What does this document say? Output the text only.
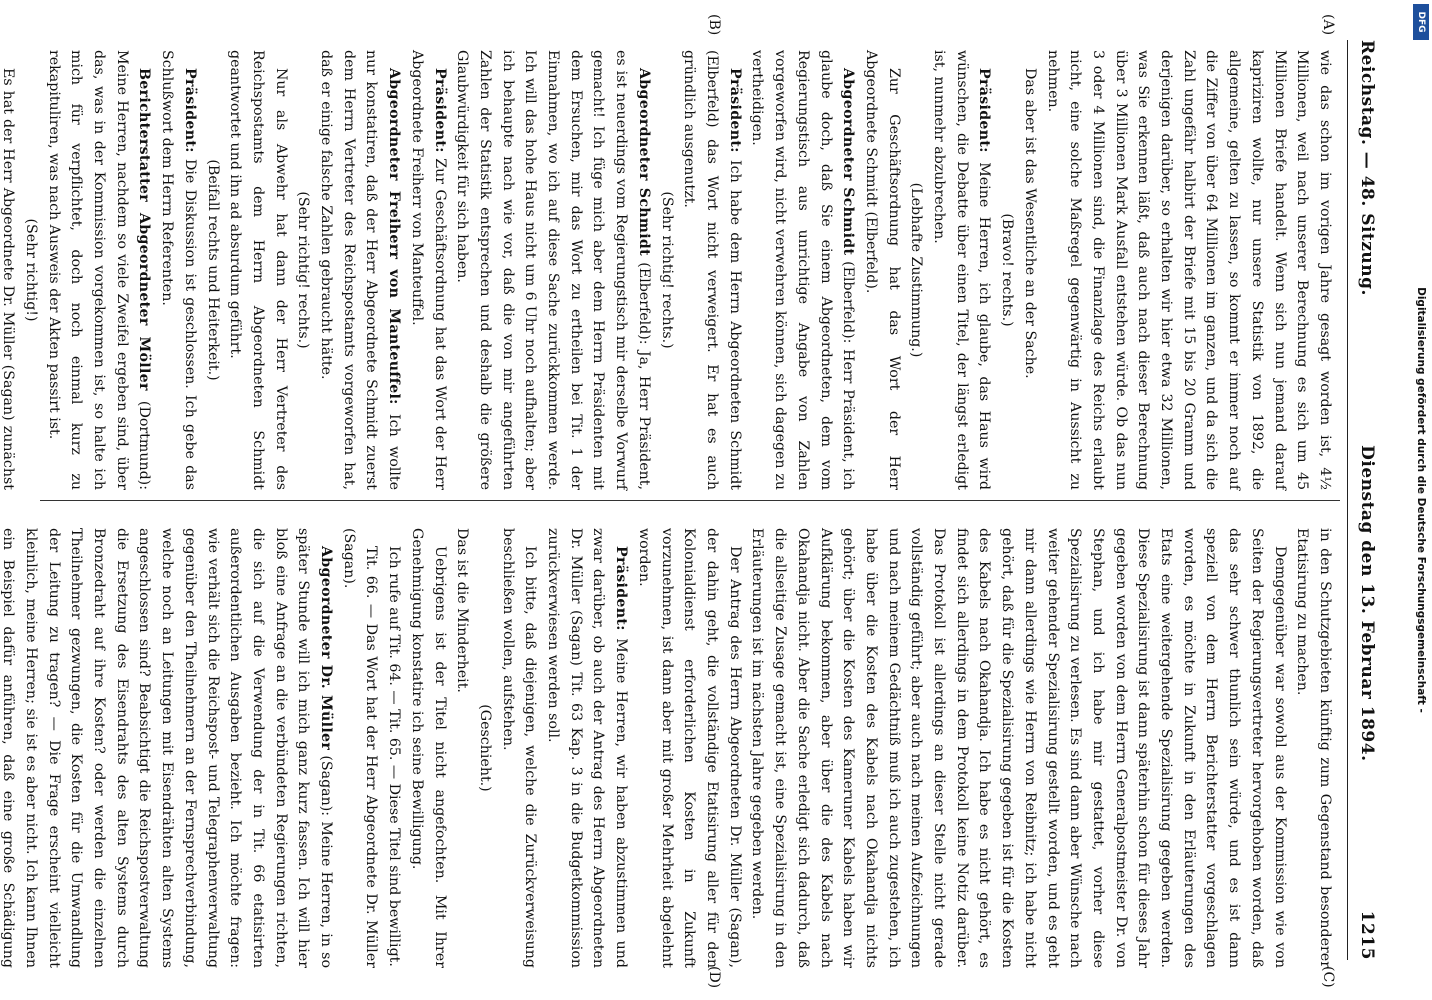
Reichstag. — 48. Sitzung.
Dienstag den 13. Februar 1894.
1215
(A)
(B)
(C)
(D)

wie das schon im vorigen Jahre gesagt worden ist, 4½ Millionen, weil nach unserer Berechnung es sich um 45 Millionen Briefe handelt. Wenn sich nun jemand darauf kapriziren wollte, nur unsere Statistik von 1892, die allgemeine, gelten zu lassen, so kommt er immer noch auf die Ziffer von über 64 Millionen im ganzen, und da sich die Zahl ungefähr halbirt der Briefe mit 15 bis 20 Gramm und derjenigen darüber, so erhalten wir hier etwa 32 Millionen, was Sie erkennen läßt, daß auch nach dieser Berechnung über 3 Millionen Mark Ausfall entstehen würde. Ob das nun 3 oder 4 Millionen sind, die Finanzlage des Reichs erlaubt nicht, eine solche Maßregel gegenwärtig in Aussicht zu nehmen.

Das aber ist das Wesentliche an der Sache.

(Bravo! rechts.)

Präsident: Meine Herren, ich glaube, das Haus wird wünschen, die Debatte über einen Titel, der längst erledigt ist, nunmehr abzubrechen.

(Lebhafte Zustimmung.)

Zur Geschäftsordnung hat das Wort der Herr Abgeordnete Schmidt (Elberfeld).

Abgeordneter Schmidt (Elberfeld): Herr Präsident, ich glaube doch, daß Sie einem Abgeordneten, dem vom Regierungstisch aus unrichtige Angabe von Zahlen vorgeworfen wird, nicht verwehren können, sich dagegen zu vertheidigen.

Präsident: Ich habe dem Herrn Abgeordneten Schmidt (Elberfeld) das Wort nicht verweigert. Er hat es auch gründlich ausgenutzt.

(Sehr richtig! rechts.)

Abgeordneter Schmidt (Elberfeld): Ja, Herr Präsident, es ist neuerdings vom Regierungstisch mir derselbe Vorwurf gemacht! Ich füge mich aber dem Herrn Präsidenten mit dem Ersuchen, mir das Wort zu ertheilen bei Tit. 1 der Einnahmen, wo ich auf diese Sache zurückkommen werde. Ich will das hohe Haus nicht um 6 Uhr noch aufhalten; aber ich behaupte nach wie vor, daß die von mir angeführten Zahlen der Statistik entsprechen und deshalb die größere Glaubwürdigkeit für sich haben.

Präsident: Zur Geschäftsordnung hat das Wort der Herr Abgeordnete Freiherr von Manteuffel.

Abgeordneter Freiherr von Manteuffel: Ich wollte nur konstatiren, daß der Herr Abgeordnete Schmidt zuerst dem Herrn Vertreter des Reichspostamts vorgeworfen hat, daß er einige falsche Zahlen gebraucht hätte.

(Sehr richtig! rechts.)

Nur als Abwehr hat dann der Herr Vertreter des Reichspostamts dem Herrn Abgeordneten Schmidt geantwortet und ihn ad absurdum geführt.

(Beifall rechts und Heiterkeit.)

Präsident: Die Diskussion ist geschlossen. Ich gebe das Schlußwort dem Herrn Referenten.

Berichterstatter Abgeordneter Möller (Dortmund): Meine Herren, nachdem so viele Zweifel ergeben sind, über das, was in der Kommission vorgekommen ist, so halte ich mich für verpflichtet, doch noch einmal kurz zu rekapituliren, was nach Ausweis der Akten passirt ist.

(Sehr richtig!)

Es hat der Herr Abgeordnete Dr. Müller (Sagan) zunächst

in den Schutzgebieten künftig zum Gegenstand besonderer Etatisirung zu machen.

Demgegenüber war sowohl aus der Kommission wie von Seiten der Regierungsvertreter hervorgehoben worden, daß das sehr schwer thunlich sein würde, und es ist dann speziell von dem Herrn Berichterstatter vorgeschlagen worden, es möchte in Zukunft in den Erläuterungen des Etats eine weitergehende Spezialisirung gegeben werden. Diese Spezialisirung ist dann späterhin schon für dieses Jahr gegeben worden von dem Herrn Generalpostmeister Dr. von Stephan, und ich habe mir gestattet, vorher diese Spezialisirung zu verlesen. Es sind dann aber Wünsche nach weiter gehender Spezialisirung gestellt worden, und es geht mir dann allerdings wie Herrn von Reibnitz; ich habe nicht gehört, daß für die Spezialisirung gegeben ist für die Kosten des Kabels nach Okahandja. Ich habe es nicht gehört, es findet sich allerdings in dem Protokoll keine Notiz darüber. Das Protokoll ist allerdings an dieser Stelle nicht gerade vollständig geführt; aber auch nach meinen Aufzeichnungen und nach meinem Gedächtniß muß ich auch zugestehen, ich habe über die Kosten des Kabels nach Okahandja nichts gehört; über die Kosten des Kameruner Kabels haben wir Aufklärung bekommen, aber über die des Kabels nach Okahandja nicht. Aber die Sache erledigt sich dadurch, daß die allseitige Zusage gemacht ist, eine Spezialisirung in den Erläuterungen ist im nächsten Jahre gegeben werden.

Der Antrag des Herrn Abgeordneten Dr. Müller (Sagan), der dahin geht, die vollständige Etatisirung aller für den Kolonialdienst erforderlichen Kosten in Zukunft vorzunehmen, ist dann aber mit großer Mehrheit abgelehnt worden.

Präsident: Meine Herren, wir haben abzustimmen und zwar darüber, ob auch der Antrag des Herrn Abgeordneten Dr. Müller (Sagan) Tit. 63 Kap. 3 in die Budgetkommission zurückverwiesen werden soll.

Ich bitte, daß diejenigen, welche die Zurückverweisung beschließen wollen, aufstehen.

(Geschieht.)

Das ist die Minderheit.

Uebrigens ist der Titel nicht angefochten. Mit Ihrer Genehmigung konstatire ich seine Bewilligung.

Ich rufe auf Tit. 64. — Tit. 65. — Diese Titel sind bewilligt.

Tit. 66. — Das Wort hat der Herr Abgeordnete Dr. Müller (Sagan).

Abgeordneter Dr. Müller (Sagan): Meine Herren, in so später Stunde will ich mich ganz kurz fassen. Ich will hier bloß eine Anfrage an die verbündeten Regierungen richten, die sich auf die Verwendung der in Tit. 66 etatisirten außerordentlichen Ausgaben bezieht. Ich möchte fragen: wie verhält sich die Reichspost- und Telegraphenverwaltung gegenüber den Theilnehmern an der Fernsprechverbindung, welche noch an Leitungen mit Eisendrähten alten Systems angeschlossen sind? Beabsichtigt die Reichspostverwaltung die Ersetzung des Eisendrahts des alten Systems durch Bronzedraht auf ihre Kosten? oder werden die einzelnen Theilnehmer gezwungen, die Kosten für die Umwandlung der Leitung zu tragen? — Die Frage erscheint vielleicht kleinlich, meine Herren; sie ist es aber nicht. Ich kann Ihnen ein Beispiel dafür anführen, daß eine große Schädigung

Digitalisierung gefördert durch die Deutsche Forschungsgemeinschaft -
DFG
